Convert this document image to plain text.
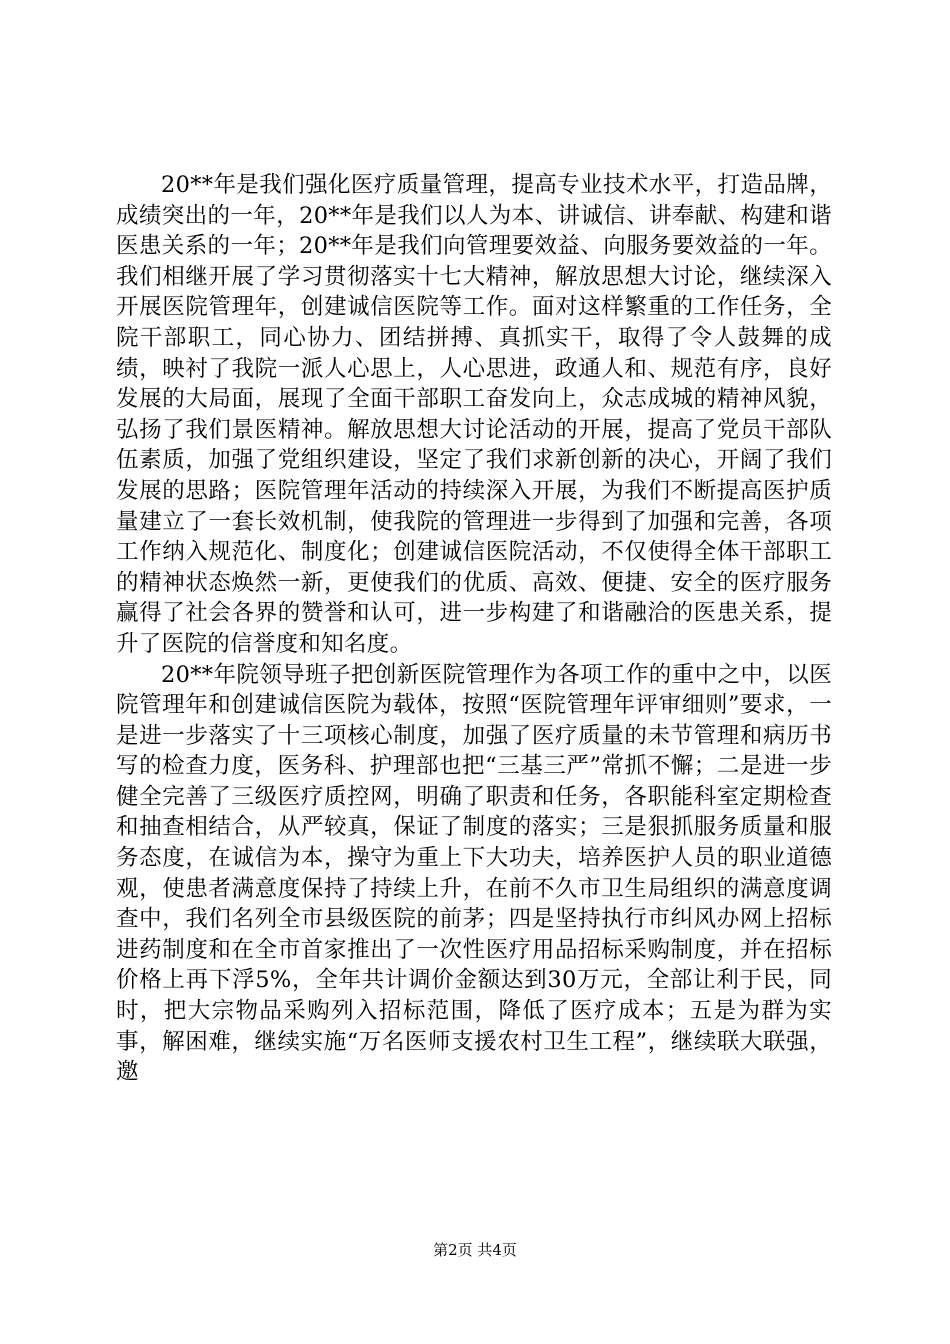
20**年是我们强化医疗质量管理，提高专业技术水平，打造品牌，成绩突出的一年，20**年是我们以人为本、讲诚信、讲奉献、构建和谐医患关系的一年；20**年是我们向管理要效益、向服务要效益的一年。我们相继开展了学习贯彻落实十七大精神，解放思想大讨论，继续深入开展医院管理年，创建诚信医院等工作。面对这样繁重的工作任务，全院干部职工，同心协力、团结拼搏、真抓实干，取得了令人鼓舞的成绩，映衬了我院一派人心思上，人心思进，政通人和、规范有序，良好发展的大局面，展现了全面干部职工奋发向上，众志成城的精神风貌，弘扬了我们景医精神。解放思想大讨论活动的开展，提高了党员干部队伍素质，加强了党组织建设，坚定了我们求新创新的决心，开阔了我们发展的思路；医院管理年活动的持续深入开展，为我们不断提高医护质量建立了一套长效机制，使我院的管理进一步得到了加强和完善，各项工作纳入规范化、制度化；创建诚信医院活动，不仅使得全体干部职工的精神状态焕然一新，更使我们的优质、高效、便捷、安全的医疗服务赢得了社会各界的赞誉和认可，进一步构建了和谐融洽的医患关系，提升了医院的信誉度和知名度。

20**年院领导班子把创新医院管理作为各项工作的重中之中，以医院管理年和创建诚信医院为载体，按照“医院管理年评审细则”要求，一是进一步落实了十三项核心制度，加强了医疗质量的未节管理和病历书写的检查力度，医务科、护理部也把“三基三严”常抓不懈；二是进一步健全完善了三级医疗质控网，明确了职责和任务，各职能科室定期检查和抽查相结合，从严较真，保证了制度的落实；三是狠抓服务质量和服务态度，在诚信为本，操守为重上下大功夫，培养医护人员的职业道德观，使患者满意度保持了持续上升，在前不久市卫生局组织的满意度调查中，我们名列全市县级医院的前茅；四是坚持执行市纠风办网上招标进药制度和在全市首家推出了一次性医疗用品招标采购制度，并在招标价格上再下浮5%，全年共计调价金额达到30万元，全部让利于民，同时，把大宗物品采购列入招标范围，降低了医疗成本；五是为群为实事，解困难，继续实施“万名医师支援农村卫生工程”，继续联大联强，邀

第2页 共4页
